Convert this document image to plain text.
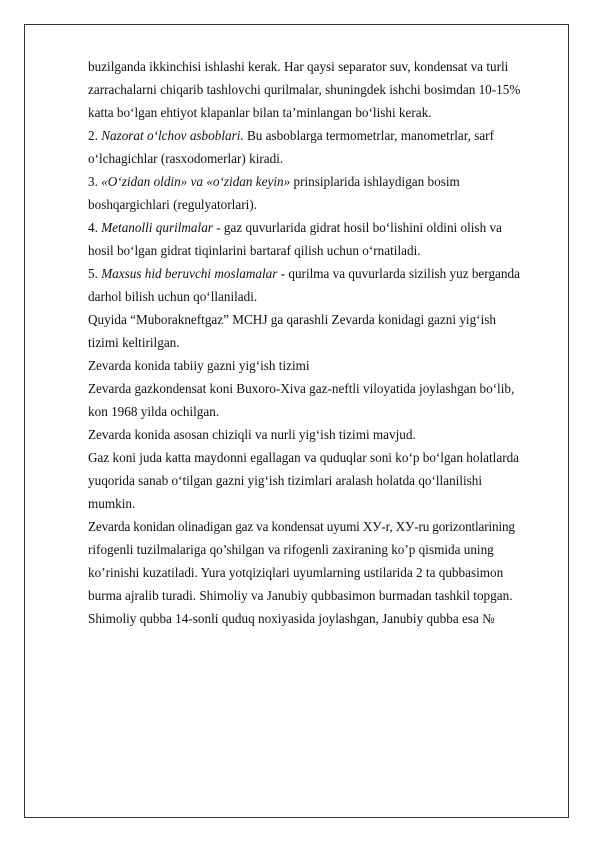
buzilganda ikkinchisi ishlashi kerak. Har qaysi separator suv, kondensat va turli
zarrachalarni chiqarib tashlovchi qurilmalar, shuningdek ishchi bosimdan 10-15%
katta bo‘lgan ehtiyot klapanlar bilan ta’minlangan bo‘lishi kerak.
2. Nazorat o‘lchov asboblari. Bu asboblarga termometrlar, manometrlar, sarf
o‘lchagichlar (rasxodomerlar) kiradi.
3. «O‘zidan oldin» va «o‘zidan keyin» prinsiplarida ishlaydigan bosim
boshqargichlari (regulyatorlari).
4. Metanolli qurilmalar - gaz quvurlarida gidrat hosil bo‘lishini oldini olish va
hosil bo‘lgan gidrat tiqinlarini bartaraf qilish uchun o‘rnatiladi.
5. Maxsus hid beruvchi moslamalar - qurilma va quvurlarda sizilish yuz berganda
darhol bilish uchun qo‘llaniladi.
Quyida “Muborakneftgaz” MCHJ ga qarashli Zevarda konidagi gazni yig‘ish
tizimi keltirilgan.
Zevarda konida tabiiy gazni yig‘ish tizimi
Zevarda gazkondensat koni Buxoro-Xiva gaz-neftli viloyatida joylashgan bo‘lib,
kon 1968 yilda ochilgan.
Zevarda konida asosan chiziqli va nurli yig‘ish tizimi mavjud.
Gaz koni juda katta maydonni egallagan va quduqlar soni ko‘p bo‘lgan holatlarda
yuqorida sanab o‘tilgan gazni yig‘ish tizimlari aralash holatda qo‘llanilishi
mumkin.
Zevarda konidan olinadigan gaz va kondensat uyumi XУ-r, XУ-ru gorizontlarining
rifogenli tuzilmalariga qo’shilgan va rifogenli zaxiraning ko’p qismida uning
ko’rinishi kuzatiladi. Yura yotqiziqlari uyumlarning ustilarida 2 ta qubbasimon
burma ajralib turadi. Shimoliy va Janubiy qubbasimon burmadan tashkil topgan.
Shimoliy qubba 14-sonli quduq noxiyasida joylashgan, Janubiy qubba esa №
